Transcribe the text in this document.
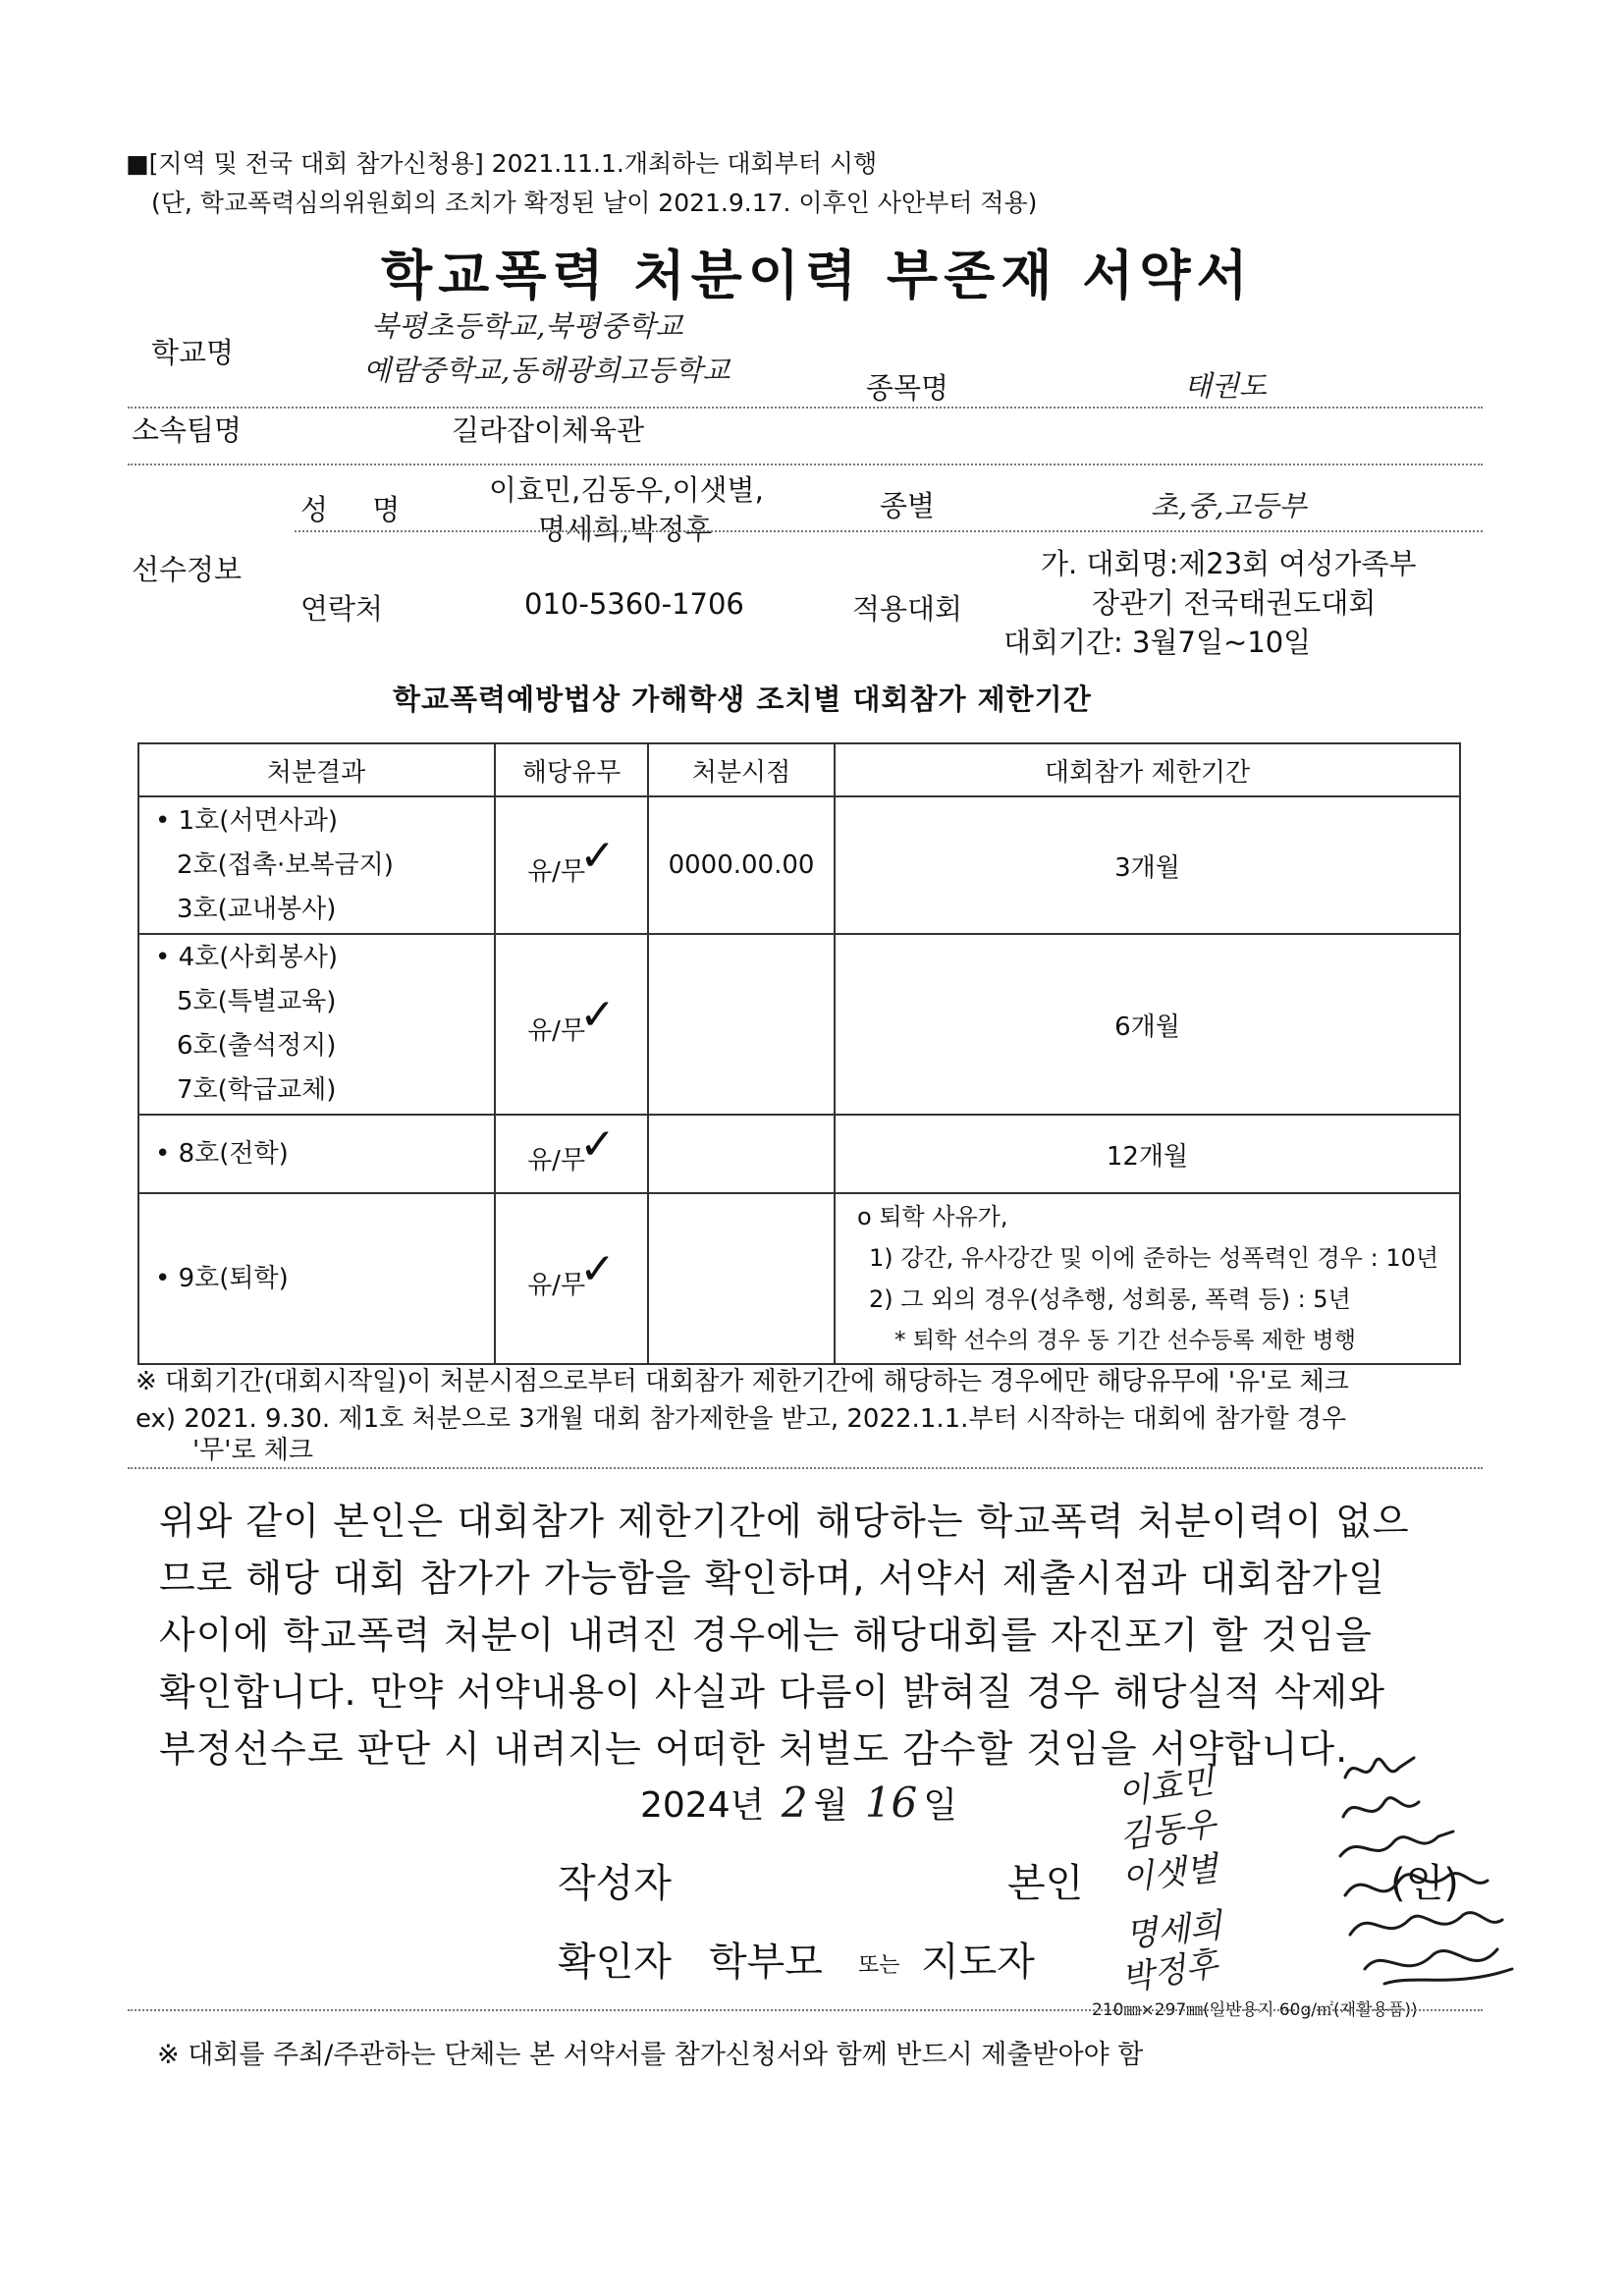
■[지역 및 전국 대회 참가신청용] 2021.11.1.개최하는 대회부터 시행
(단, 학교폭력심의위원회의 조치가 확정된 날이 2021.9.17. 이후인 사안부터 적용)
학교폭력 처분이력 부존재 서약서
학교명
북평초등학교,북평중학교
예람중학교,동해광희고등학교
종목명	태권도
소속팀명	길라잡이체육관
선수정보
성 명
이효민,김동우,이샛별,
명세희,박정후
종별	초,중,고등부
연락처	010-5360-1706	적용대회
가. 대회명:제23회 여성가족부
장관기 전국태권도대회
대회기간: 3월7일~10일
학교폭력예방법상 가해학생 조치별 대회참가 제한기간
처분결과	해당유무	처분시점	대회참가 제한기간

• 1호(서면사과)
2호(접촉·보복금지)
3호(교내봉사)	유/무✓	0000.00.00	3개월

• 4호(사회봉사)
5호(특별교육)
6호(출석정지)
7호(학급교체)	유/무✓		6개월

• 8호(전학)	유/무✓		12개월

• 9호(퇴학)	유/무✓		o 퇴학 사유가,
1) 강간, 유사강간 및 이에 준하는 성폭력인 경우 : 10년
2) 그 외의 경우(성추행, 성희롱, 폭력 등) : 5년
* 퇴학 선수의 경우 동 기간 선수등록 제한 병행
※ 대회기간(대회시작일)이 처분시점으로부터 대회참가 제한기간에 해당하는 경우에만 해당유무에 '유'로 체크
ex) 2021. 9.30. 제1호 처분으로 3개월 대회 참가제한을 받고, 2022.1.1.부터 시작하는 대회에 참가할 경우
'무'로 체크
위와 같이 본인은 대회참가 제한기간에 해당하는 학교폭력 처분이력이 없으
므로 해당 대회 참가가 가능함을 확인하며, 서약서 제출시점과 대회참가일
사이에 학교폭력 처분이 내려진 경우에는 해당대회를 자진포기 할 것임을
확인합니다. 만약 서약내용이 사실과 다름이 밝혀질 경우 해당실적 삭제와
부정선수로 판단 시 내려지는 어떠한 처벌도 감수할 것임을 서약합니다.
2024년 2 월 16 일
작성자	본인	(인)
확인자 학부모 또는 지도자
이효민
김동우
이샛별
명세희
박정후
210㎜×297㎜(일반용지 60g/㎡(재활용품))
※ 대회를 주최/주관하는 단체는 본 서약서를 참가신청서와 함께 반드시 제출받아야 함
